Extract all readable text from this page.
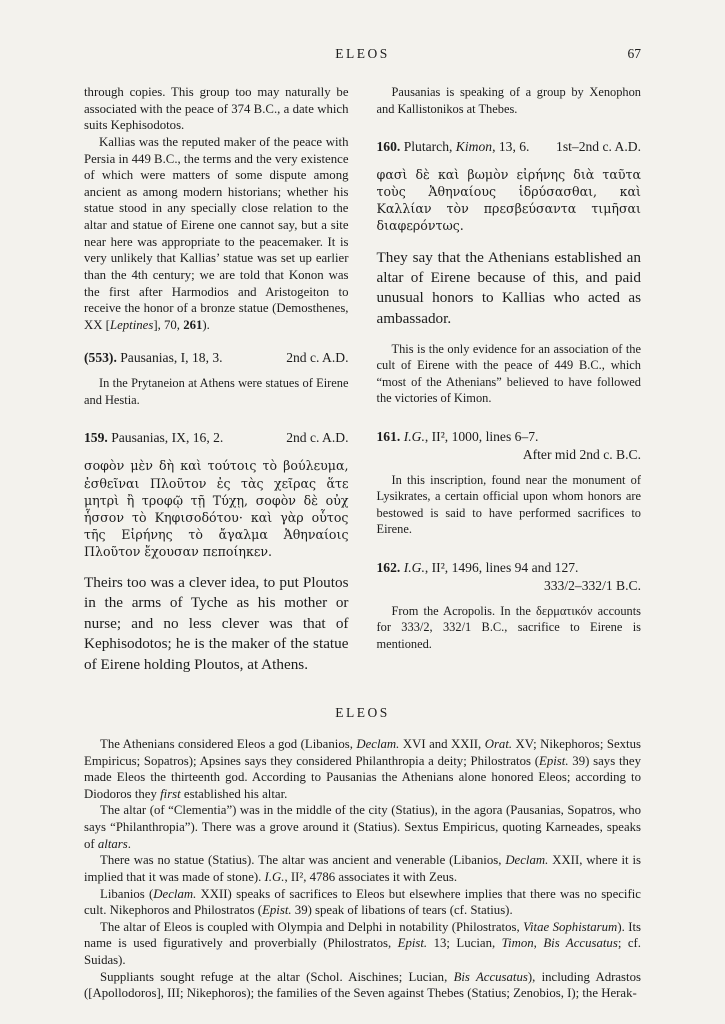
ELEOS	67

through copies. This group too may naturally be associated with the peace of 374 B.C., a date which suits Kephisodotos.

Kallias was the reputed maker of the peace with Persia in 449 B.C., the terms and the very existence of which were matters of some dispute among ancient as among modern historians; whether his statue stood in any specially close relation to the altar and statue of Eirene one cannot say, but a site near here was appropriate to the peacemaker. It is very unlikely that Kallias’ statue was set up earlier than the 4th century; we are told that Konon was the first after Harmodios and Aristogeiton to receive the honor of a bronze statue (Demosthenes, XX [Leptines], 70, 261).

(553). Pausanias, I, 18, 3.	2nd c. A.D.

In the Prytaneion at Athens were statues of Eirene and Hestia.

159. Pausanias, IX, 16, 2.	2nd c. A.D.

σοφὸν μὲν δὴ καὶ τούτοις τὸ βούλευμα, ἐσθεῖναι Πλοῦτον ἐς τὰς χεῖρας ἅτε μητρὶ ἢ τροφῷ τῇ Τύχῃ, σοφὸν δὲ οὐχ ἧσσον τὸ Κηφισοδότου· καὶ γὰρ οὗτος τῆς Εἰρήνης τὸ ἄγαλμα Ἀθηναίοις Πλοῦτον ἔχουσαν πεποίηκεν.

Theirs too was a clever idea, to put Ploutos in the arms of Tyche as his mother or nurse; and no less clever was that of Kephisodotos; he is the maker of the statue of Eirene holding Ploutos, at Athens.

Pausanias is speaking of a group by Xenophon and Kallistonikos at Thebes.

160. Plutarch, Kimon, 13, 6. 1st–2nd c. A.D.

φασὶ δὲ καὶ βωμὸν εἰρήνης διὰ ταῦτα τοὺς Ἀθηναίους ἱδρύσασθαι, καὶ Καλλίαν τὸν πρεσβεύσαντα τιμῆσαι διαφερόντως.

They say that the Athenians established an altar of Eirene because of this, and paid unusual honors to Kallias who acted as ambassador.

This is the only evidence for an association of the cult of Eirene with the peace of 449 B.C., which “most of the Athenians” believed to have followed the victories of Kimon.

161. I.G., II², 1000, lines 6–7.
After mid 2nd c. B.C.

In this inscription, found near the monument of Lysikrates, a certain official upon whom honors are bestowed is said to have performed sacrifices to Eirene.

162. I.G., II², 1496, lines 94 and 127.
333/2–332/1 B.C.

From the Acropolis. In the δερματικόν accounts for 333/2, 332/1 B.C., sacrifice to Eirene is mentioned.

ELEOS

The Athenians considered Eleos a god (Libanios, Declam. XVI and XXII, Orat. XV; Nikephoros; Sextus Empiricus; Sopatros); Apsines says they considered Philanthropia a deity; Philostratos (Epist. 39) says they made Eleos the thirteenth god. According to Pausanias the Athenians alone honored Eleos; according to Diodoros they first established his altar.

The altar (of “Clementia”) was in the middle of the city (Statius), in the agora (Pausanias, Sopatros, who says “Philanthropia”). There was a grove around it (Statius). Sextus Empiricus, quoting Karneades, speaks of altars.

There was no statue (Statius). The altar was ancient and venerable (Libanios, Declam. XXII, where it is implied that it was made of stone). I.G., II², 4786 associates it with Zeus.

Libanios (Declam. XXII) speaks of sacrifices to Eleos but elsewhere implies that there was no specific cult. Nikephoros and Philostratos (Epist. 39) speak of libations of tears (cf. Statius).

The altar of Eleos is coupled with Olympia and Delphi in notability (Philostratos, Vitae Sophistarum). Its name is used figuratively and proverbially (Philostratos, Epist. 13; Lucian, Timon, Bis Accusatus; cf. Suidas).

Suppliants sought refuge at the altar (Schol. Aischines; Lucian, Bis Accusatus), including Adrastos ([Apollodoros], III; Nikephoros); the families of the Seven against Thebes (Statius; Zenobios, I); the Herak-
